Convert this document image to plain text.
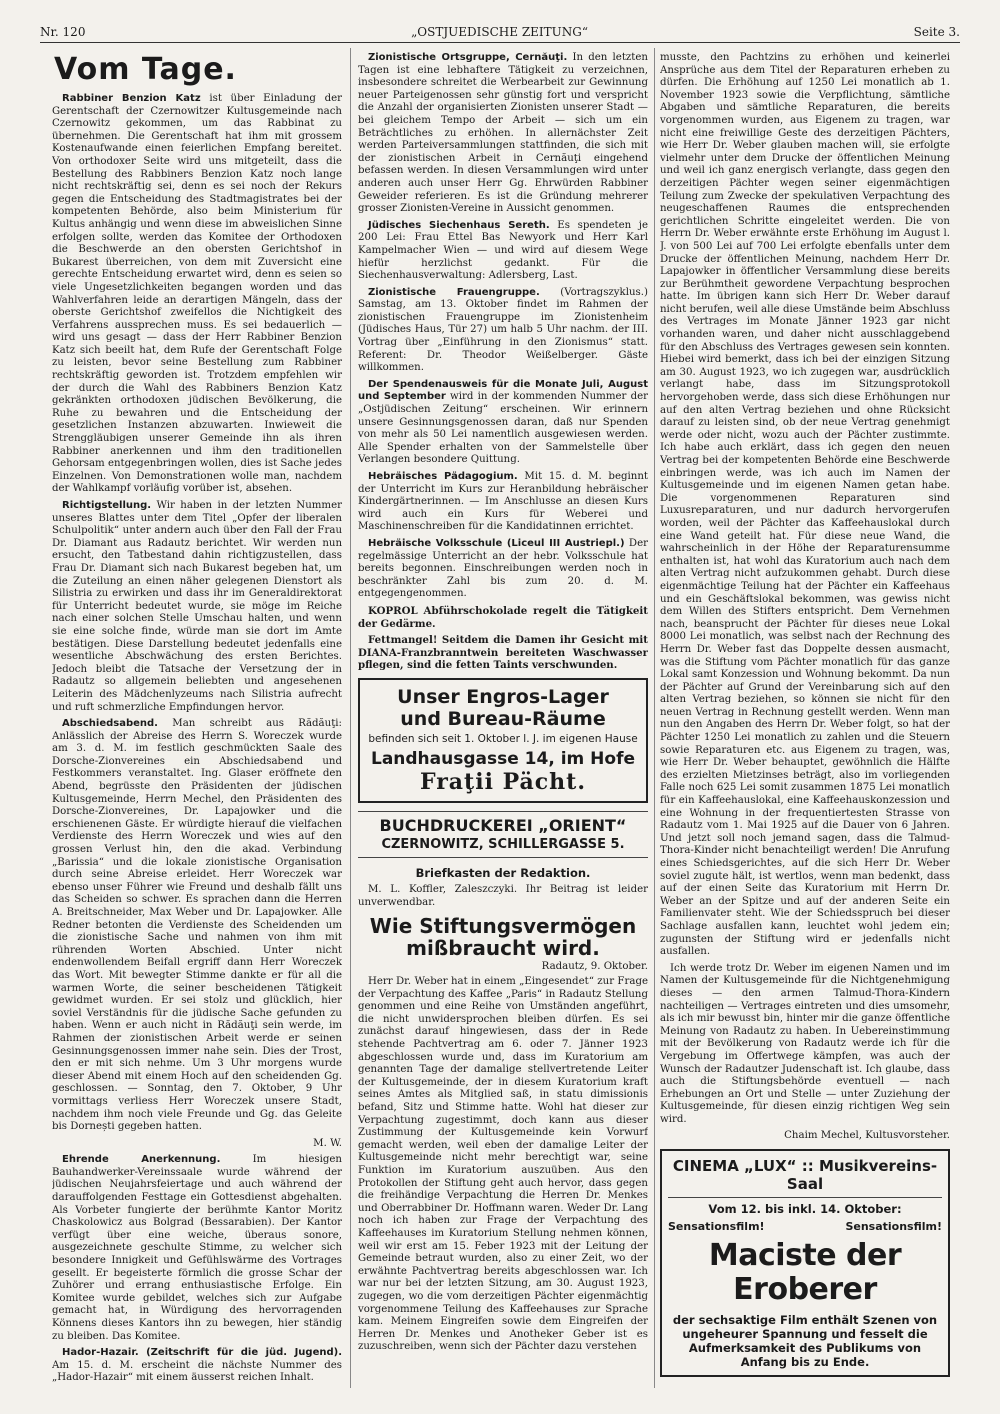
Nr. 120	„OSTJUEDISCHE ZEITUNG“	Seite 3.
Vom Tage.

Rabbiner Benzion Katz ist über Einladung der Gerentschaft der Czernowitzer Kultusgemeinde nach Czernowitz gekommen, um das Rabbinat zu übernehmen. Die Gerentschaft hat ihm mit grossem Kostenaufwande einen feierlichen Empfang bereitet. Von orthodoxer Seite wird uns mitgeteilt, dass die Bestellung des Rabbiners Benzion Katz noch lange nicht rechtskräftig sei, denn es sei noch der Rekurs gegen die Entscheidung des Stadtmagistrates bei der kompetenten Behörde, also beim Ministerium für Kultus anhängig und wenn diese im abweislichen Sinne erfolgen sollte, werden das Komitee der Orthodoxen die Beschwerde an den obersten Gerichtshof in Bukarest überreichen, von dem mit Zuversicht eine gerechte Entscheidung erwartet wird, denn es seien so viele Ungesetzlichkeiten begangen worden und das Wahlverfahren leide an derartigen Mängeln, dass der oberste Gerichtshof zweifellos die Nichtigkeit des Verfahrens aussprechen muss. Es sei bedauerlich — wird uns gesagt — dass der Herr Rabbiner Benzion Katz sich beeilt hat, dem Rufe der Gerentschaft Folge zu leisten, bevor seine Bestellung zum Rabbiner rechtskräftig geworden ist. Trotzdem empfehlen wir der durch die Wahl des Rabbiners Benzion Katz gekränkten orthodoxen jüdischen Bevölkerung, die Ruhe zu bewahren und die Entscheidung der gesetzlichen Instanzen abzuwarten. Inwieweit die Strenggläubigen unserer Gemeinde ihn als ihren Rabbiner anerkennen und ihm den traditionellen Gehorsam entgegenbringen wollen, dies ist Sache jedes Einzelnen. Von Demonstrationen wolle man, nachdem der Wahlkampf vorläufig vorüber ist, absehen.

Richtigstellung. Wir haben in der letzten Nummer unseres Blattes unter dem Titel „Opfer der liberalen Schulpolitik“ unter andern auch über den Fall der Frau Dr. Diamant aus Radautz berichtet. Wir werden nun ersucht, den Tatbestand dahin richtigzustellen, dass Frau Dr. Diamant sich nach Bukarest begeben hat, um die Zuteilung an einen näher gelegenen Dienstort als Silistria zu erwirken und dass ihr im Generaldirektorat für Unterricht bedeutet wurde, sie möge im Reiche nach einer solchen Stelle Umschau halten, und wenn sie eine solche finde, würde man sie dort im Amte bestätigen. Diese Darstellung bedeutet jedenfalls eine wesentliche Abschwächung des ersten Berichtes. Jedoch bleibt die Tatsache der Versetzung der in Radautz so allgemein beliebten und angesehenen Leiterin des Mädchenlyzeums nach Silistria aufrecht und ruft schmerzliche Empfindungen hervor.

Abschiedsabend. Man schreibt aus Rădăuţi: Anlässlich der Abreise des Herrn S. Woreczek wurde am 3. d. M. im festlich geschmückten Saale des Dorsche-Zionvereines ein Abschiedsabend und Festkommers veranstaltet. Ing. Glaser eröffnete den Abend, begrüsste den Präsidenten der jüdischen Kultusgemeinde, Herrn Mechel, den Präsidenten des Dorsche-Zionvereines, Dr. Lapajowker und die erschienenen Gäste. Er würdigte hierauf die vielfachen Verdienste des Herrn Woreczek und wies auf den grossen Verlust hin, den die akad. Verbindung „Barissia“ und die lokale zionistische Organisation durch seine Abreise erleidet. Herr Woreczek war ebenso unser Führer wie Freund und deshalb fällt uns das Scheiden so schwer. Es sprachen dann die Herren A. Breitschneider, Max Weber und Dr. Lapajowker. Alle Redner betonten die Verdienste des Scheidenden um die zionistische Sache und nahmen von ihm mit rührenden Worten Abschied. Unter nicht endenwollendem Beifall ergriff dann Herr Woreczek das Wort. Mit bewegter Stimme dankte er für all die warmen Worte, die seiner bescheidenen Tätigkeit gewidmet wurden. Er sei stolz und glücklich, hier soviel Verständnis für die jüdische Sache gefunden zu haben. Wenn er auch nicht in Rădăuţi sein werde, im Rahmen der zionistischen Arbeit werde er seinen Gesinnungsgenossen immer nahe sein. Dies der Trost, den er mit sich nehme. Um 3 Uhr morgens wurde dieser Abend mit einem Hoch auf den scheidenden Gg. geschlossen. — Sonntag, den 7. Oktober, 9 Uhr vormittags verliess Herr Woreczek unsere Stadt, nachdem ihm noch viele Freunde und Gg. das Geleite bis Dornești gegeben hatten.

M. W.

Ehrende Anerkennung.	Im hiesigen Bauhandwerker-Vereinssaale wurde während der jüdischen Neujahrsfeiertage und auch während der darauffolgenden Festtage ein Gottesdienst abgehalten. Als Vorbeter fungierte der berühmte Kantor Moritz Chaskolowicz aus Bolgrad (Bessarabien). Der Kantor verfügt über eine weiche, überaus sonore, ausgezeichnete geschulte Stimme, zu welcher sich besondere Innigkeit und Gefühlswärme des Vortrages gesellt. Er begeisterte förmlich die grosse Schar der Zuhörer und errang enthusiastische Erfolge. Ein Komitee wurde gebildet, welches sich zur Aufgabe gemacht hat, in Würdigung des hervorragenden Könnens dieses Kantors ihn zu bewegen, hier ständig zu bleiben. Das Komitee.

Hador-Hazair. (Zeitschrift für die jüd. Jugend). Am 15. d. M. erscheint die nächste Nummer des „Hador-Hazair“ mit einem äusserst reichen Inhalt.

Zionistische Ortsgruppe, Cernăuţi. In den letzten Tagen ist eine lebhaftere Tätigkeit zu verzeichnen, insbesondere schreitet die Werbearbeit zur Gewinnung neuer Parteigenossen sehr günstig fort und verspricht die Anzahl der organisierten Zionisten unserer Stadt — bei gleichem Tempo der Arbeit — sich um ein Beträchtliches zu erhöhen. In allernächster Zeit werden Parteiversammlungen stattfinden, die sich mit der zionistischen Arbeit in Cernăuţi eingehend befassen werden. In diesen Versammlungen wird unter anderen auch unser Herr Gg. Ehrwürden Rabbiner Geweider referieren. Es ist die Gründung mehrerer grosser Zionisten-Vereine in Aussicht genommen.

Jüdisches Siechenhaus Sereth. Es spendeten je 200 Lei: Frau Ettel Bas Newyork und Herr Karl Kampelmacher Wien — und wird auf diesem Wege hiefür herzlichst gedankt. Für die Siechenhausverwaltung: Adlersberg, Last.

Zionistische Frauengruppe. (Vortragszyklus.) Samstag, am 13. Oktober findet im Rahmen der zionistischen Frauengruppe im Zionistenheim (Jüdisches Haus, Tür 27) um halb 5 Uhr nachm. der III. Vortrag über „Einführung in den Zionismus“ statt. Referent: Dr. Theodor Weißelberger. Gäste willkommen.

Der Spendenausweis für die Monate Juli, August und September wird in der kommenden Nummer der „Ostjüdischen Zeitung“ erscheinen. Wir erinnern unsere Gesinnungsgenossen daran, daß nur Spenden von mehr als 50 Lei namentlich ausgewiesen werden. Alle Spender erhalten von der Sammelstelle über Verlangen besondere Quittung.

Hebräisches Pädagogium. Mit 15. d. M. beginnt der Unterricht im Kurs zur Heranbildung hebräischer Kindergärtnerinnen. — Im Anschlusse an diesen Kurs wird auch ein Kurs für Weberei und Maschinenschreiben für die Kandidatinnen errichtet.

Hebräische Volksschule (Liceul III Austriepl.) Der regelmässige Unterricht an der hebr. Volksschule hat bereits begonnen. Einschreibungen werden noch in beschränkter Zahl bis zum 20. d. M. entgegengenommen.

KOPROL Abführschokolade regelt die Tätigkeit der Gedärme.

Fettmangel! Seitdem die Damen ihr Gesicht mit DIANA-Franzbranntwein bereiteten Waschwasser pflegen, sind die fetten Taints verschwunden.

Unser Engros-Lager
und Bureau-Räume
befinden sich seit 1. Oktober l. J. im eigenen Hause
Landhausgasse 14, im Hofe
Fraţii Pächt.
BUCHDRUCKEREI „ORIENT“
CZERNOWITZ, SCHILLERGASSE 5.
Briefkasten der Redaktion.

M. L. Koffler, Zaleszczyki. Ihr Beitrag ist leider unverwendbar.

Wie Stiftungsvermögen mißbraucht wird.
Radautz, 9. Oktober.

Herr Dr. Weber hat in einem „Eingesendet“ zur Frage der Verpachtung des Kaffee „Paris“ in Radautz Stellung genommen und eine Reihe von Umständen angeführt, die nicht unwidersprochen bleiben dürfen. Es sei zunächst darauf hingewiesen, dass der in Rede stehende Pachtvertrag am 6. oder 7. Jänner 1923 abgeschlossen wurde und, dass im Kuratorium am genannten Tage der damalige stellvertretende Leiter der Kultusgemeinde, der in diesem Kuratorium kraft seines Amtes als Mitglied saß, in statu dimissionis befand, Sitz und Stimme hatte. Wohl hat dieser zur Verpachtung zugestimmt, doch kann aus dieser Zustimmung der Kultusgemeinde kein Vorwurf gemacht werden, weil eben der damalige Leiter der Kultusgemeinde nicht mehr berechtigt war, seine Funktion im Kuratorium auszuüben. Aus den Protokollen der Stiftung geht auch hervor, dass gegen die freihändige Verpachtung die Herren Dr. Menkes und Oberrabbiner Dr. Hoffmann waren. Weder Dr. Lang noch ich haben zur Frage der Verpachtung des Kaffeehauses im Kuratorium Stellung nehmen können, weil wir erst am 15. Feber 1923 mit der Leitung der Gemeinde betraut wurden, also zu einer Zeit, wo der erwähnte Pachtvertrag bereits abgeschlossen war. Ich war nur bei der letzten Sitzung, am 30. August 1923, zugegen, wo die vom derzeitigen Pächter eigenmächtig vorgenommene Teilung des Kaffeehauses zur Sprache kam. Meinem Eingreifen sowie dem Eingreifen der Herren Dr. Menkes und Anotheker Geber ist es zuzuschreiben, wenn sich der Pächter dazu verstehen

musste, den Pachtzins zu erhöhen und keinerlei Ansprüche aus dem Titel der Reparaturen erheben zu dürfen. Die Erhöhung auf 1250 Lei monatlich ab 1. November 1923 sowie die Verpflichtung, sämtliche Abgaben und sämtliche Reparaturen, die bereits vorgenommen wurden, aus Eigenem zu tragen, war nicht eine freiwillige Geste des derzeitigen Pächters, wie Herr Dr. Weber glauben machen will, sie erfolgte vielmehr unter dem Drucke der öffentlichen Meinung und weil ich ganz energisch verlangte, dass gegen den derzeitigen Pächter wegen seiner eigenmächtigen Teilung zum Zwecke der spekulativen Verpachtung des neugeschaffenen Raumes die entsprechenden gerichtlichen Schritte eingeleitet werden. Die von Herrn Dr. Weber erwähnte erste Erhöhung im August l. J. von 500 Lei auf 700 Lei erfolgte ebenfalls unter dem Drucke der öffentlichen Meinung, nachdem Herr Dr. Lapajowker in öffentlicher Versammlung diese bereits zur Berühmtheit gewordene Verpachtung besprochen hatte. Im übrigen kann sich Herr Dr. Weber darauf nicht berufen, weil alle diese Umstände beim Abschluss des Vertrages im Monate Jänner 1923 gar nicht vorhanden waren, und daher nicht ausschlaggebend für den Abschluss des Vertrages gewesen sein konnten. Hiebei wird bemerkt, dass ich bei der einzigen Sitzung am 30. August 1923, wo ich zugegen war, ausdrücklich verlangt habe, dass im Sitzungsprotokoll hervorgehoben werde, dass sich diese Erhöhungen nur auf den alten Vertrag beziehen und ohne Rücksicht darauf zu leisten sind, ob der neue Vertrag genehmigt werde oder nicht, wozu auch der Pächter zustimmte. Ich habe auch erklärt, dass ich gegen den neuen Vertrag bei der kompetenten Behörde eine Beschwerde einbringen werde, was ich auch im Namen der Kultusgemeinde und im eigenen Namen getan habe. Die vorgenommenen Reparaturen sind Luxusreparaturen, und nur dadurch hervorgerufen worden, weil der Pächter das Kaffeehauslokal durch eine Wand geteilt hat. Für diese neue Wand, die wahrscheinlich in der Höhe der Reparaturensumme enthalten ist, hat wohl das Kuratorium auch nach dem alten Vertrag nicht aufzukommen gehabt. Durch diese eigenmächtige Teilung hat der Pächter ein Kaffeehaus und ein Geschäftslokal bekommen, was gewiss nicht dem Willen des Stifters entspricht. Dem Vernehmen nach, beansprucht der Pächter für dieses neue Lokal 8000 Lei monatlich, was selbst nach der Rechnung des Herrn Dr. Weber fast das Doppelte dessen ausmacht, was die Stiftung vom Pächter monatlich für das ganze Lokal samt Konzession und Wohnung bekommt. Da nun der Pächter auf Grund der Vereinbarung sich auf den alten Vertrag beziehen, so können sie nicht für den neuen Vertrag in Rechnung gestellt werden. Wenn man nun den Angaben des Herrn Dr. Weber folgt, so hat der Pächter 1250 Lei monatlich zu zahlen und die Steuern sowie Reparaturen etc. aus Eigenem zu tragen, was, wie Herr Dr. Weber behauptet, gewöhnlich die Hälfte des erzielten Mietzinses beträgt, also im vorliegenden Falle noch 625 Lei somit zusammen 1875 Lei monatlich für ein Kaffeehauslokal, eine Kaffeehauskonzession und eine Wohnung in der frequentiertesten Strasse von Radautz vom 1. Mai 1925 auf die Dauer von 6 Jahren. Und jetzt soll noch jemand sagen, dass die Talmud-Thora-Kinder nicht benachteiligt werden! Die Anrufung eines Schiedsgerichtes, auf die sich Herr Dr. Weber soviel zugute hält, ist wertlos, wenn man bedenkt, dass auf der einen Seite das Kuratorium mit Herrn Dr. Weber an der Spitze und auf der anderen Seite ein Familienvater steht. Wie der Schiedsspruch bei dieser Sachlage ausfallen kann, leuchtet wohl jedem ein; zugunsten der Stiftung wird er jedenfalls nicht ausfallen.

Ich werde trotz Dr. Weber im eigenen Namen und im Namen der Kultusgemeinde für die Nichtgenehmigung dieses — den armen Talmud-Thora-Kindern nachteiligen — Vertrages eintreten und dies umsomehr, als ich mir bewusst bin, hinter mir die ganze öffentliche Meinung von Radautz zu haben. In Uebereinstimmung mit der Bevölkerung von Radautz werde ich für die Vergebung im Offertwege kämpfen, was auch der Wunsch der Radautzer Judenschaft ist. Ich glaube, dass auch die Stiftungsbehörde eventuell — nach Erhebungen an Ort und Stelle — unter Zuziehung der Kultusgemeinde, für diesen einzig richtigen Weg sein wird.

Chaim Mechel, Kultusvorsteher.

CINEMA „LUX“ :: Musikvereins-Saal
Vom 12. bis inkl. 14. Oktober:
Sensationsfilm!	Sensationsfilm!
Maciste der Eroberer
der sechsaktige Film enthält Szenen von ungeheurer Spannung und fesselt die Aufmerksamkeit des Publikums von Anfang bis zu Ende.
